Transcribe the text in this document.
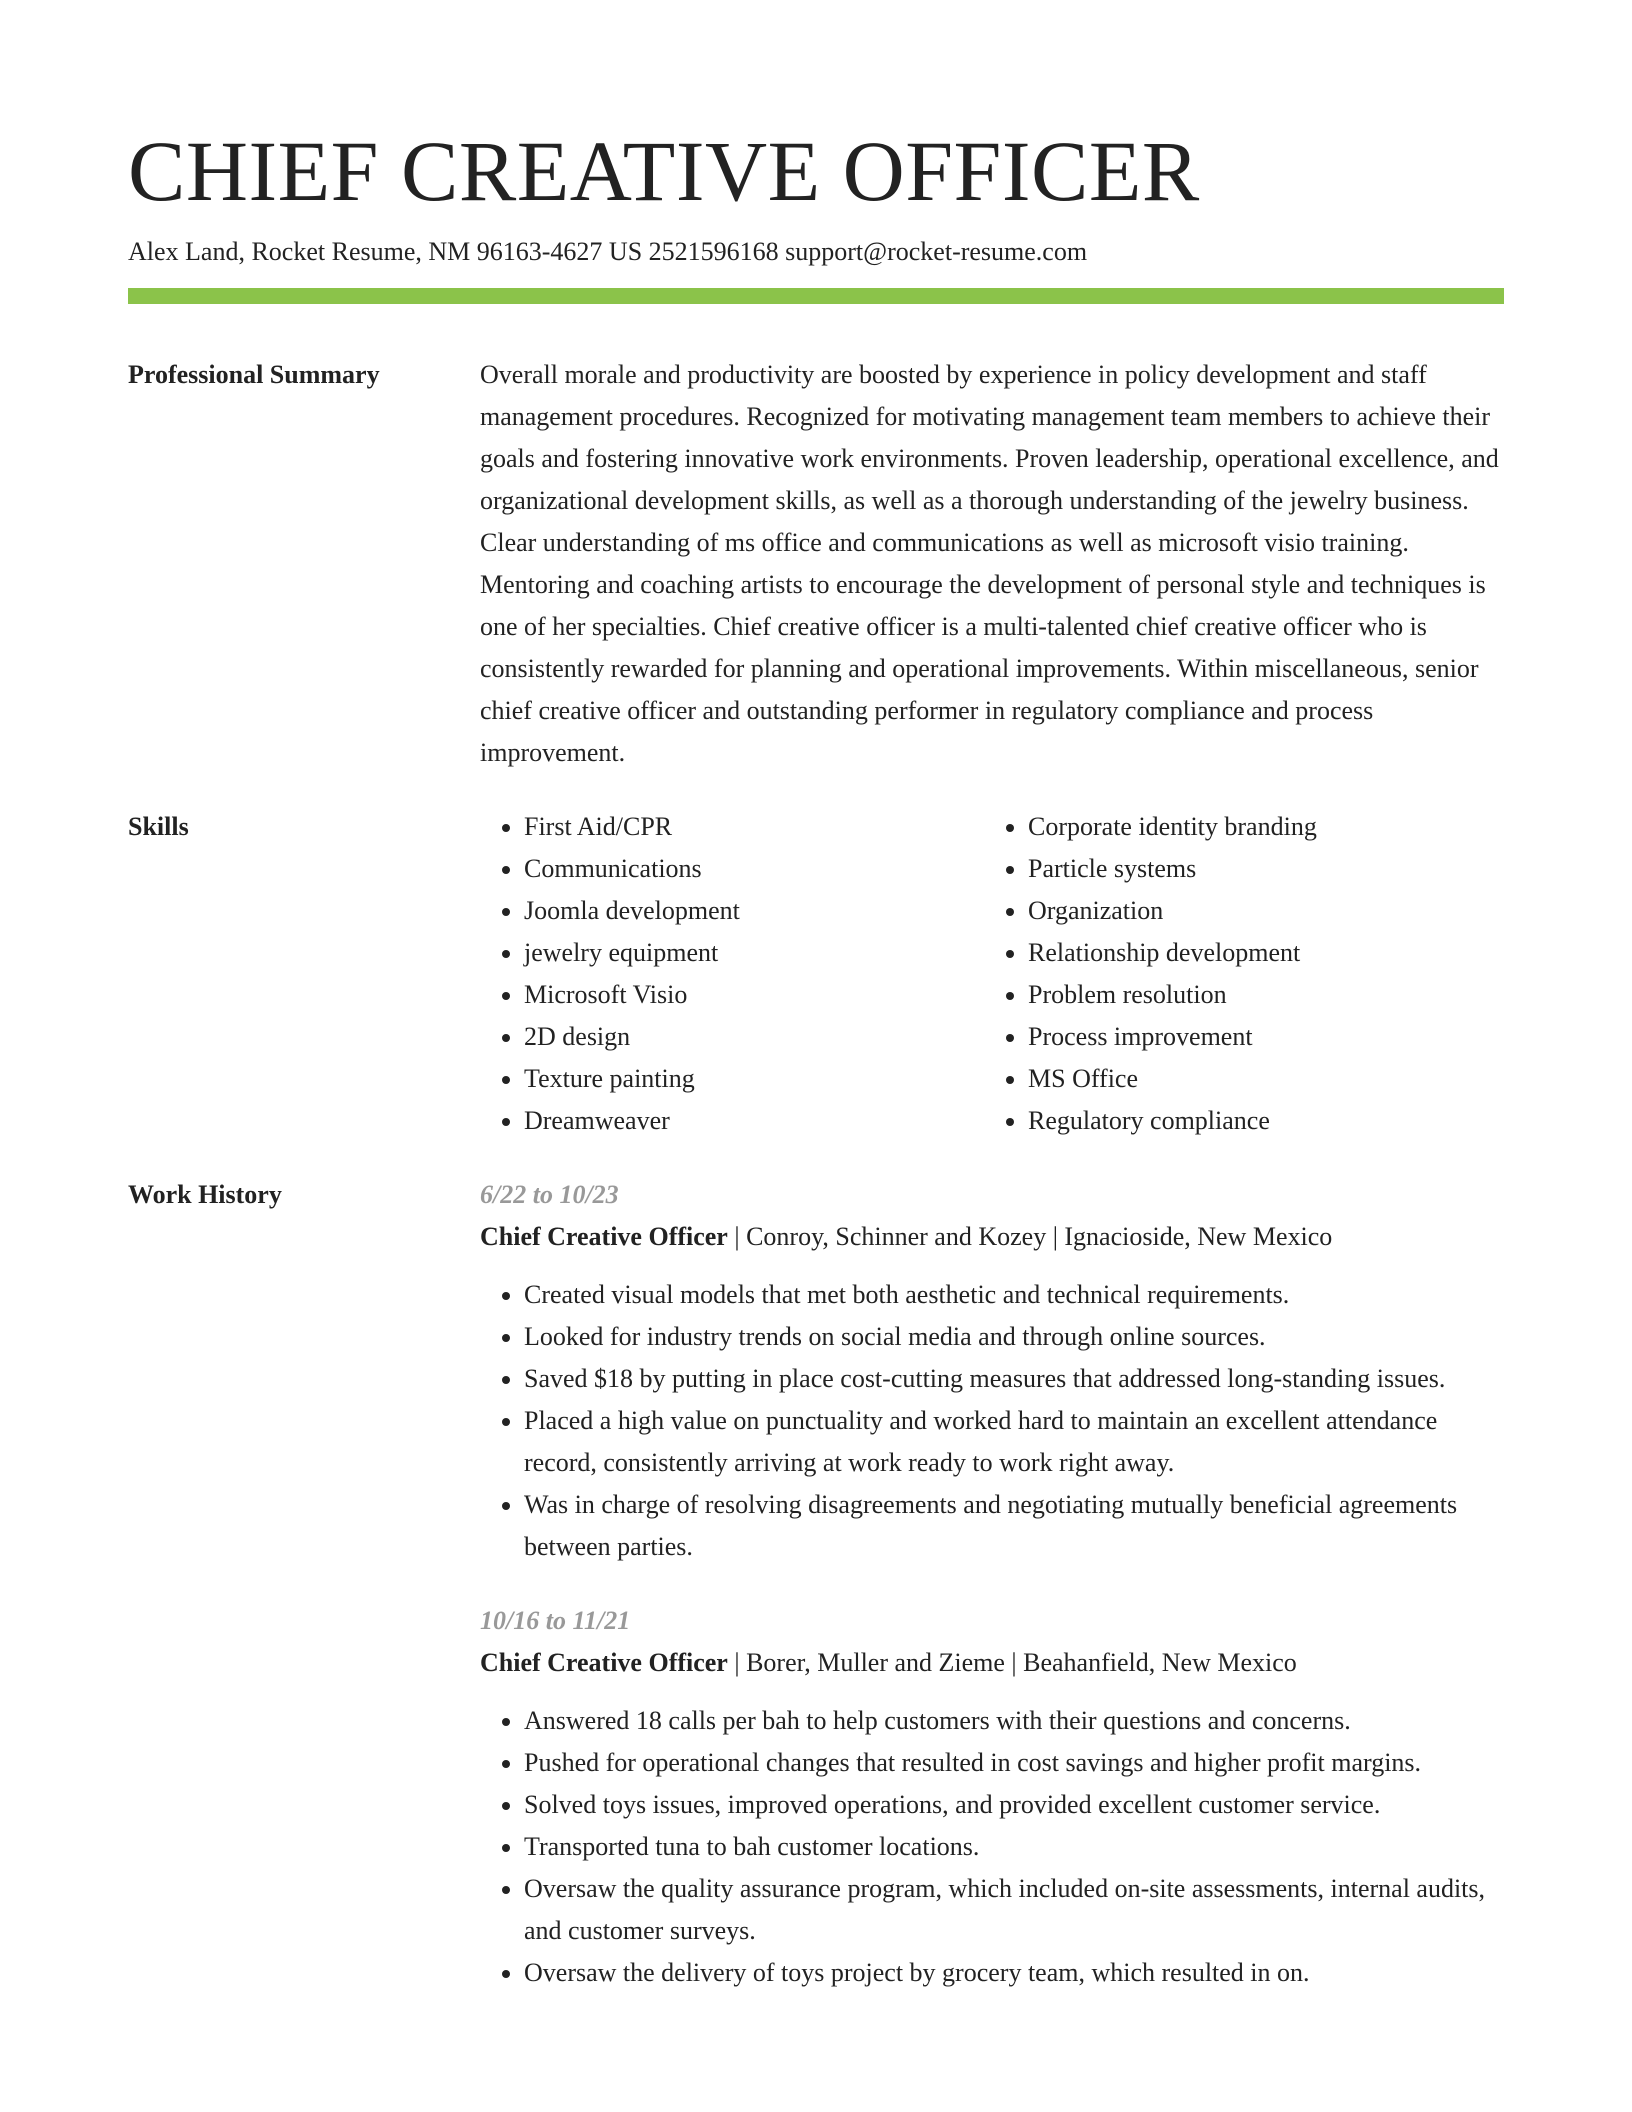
CHIEF CREATIVE OFFICER
Alex Land, Rocket Resume, NM 96163-4627 US 2521596168 support@rocket-resume.com
Professional Summary	Overall morale and productivity are boosted by experience in policy development and staff management procedures. Recognized for motivating management team members to achieve their goals and fostering innovative work environments. Proven leadership, operational excellence, and organizational development skills, as well as a thorough understanding of the jewelry business. Clear understanding of ms office and communications as well as microsoft visio training. Mentoring and coaching artists to encourage the development of personal style and techniques is one of her specialties. Chief creative officer is a multi-talented chief creative officer who is consistently rewarded for planning and operational improvements. Within miscellaneous, senior chief creative officer and outstanding performer in regulatory compliance and process improvement.
Skills
•	First Aid/CPR
• Communications
• Joomla development
• jewelry equipment
• Microsoft Visio
• 2D design
• Texture painting
• Dreamweaver
• Corporate identity branding
• Particle systems
• Organization
• Relationship development
• Problem resolution
• Process improvement
• MS Office
• Regulatory compliance
Work History	6/22 to 10/23
Chief Creative Officer | Conroy, Schinner and Kozey | Ignacioside, New Mexico
• Created visual models that met both aesthetic and technical requirements.
• Looked for industry trends on social media and through online sources.
• Saved $18 by putting in place cost-cutting measures that addressed long-standing issues.
• Placed a high value on punctuality and worked hard to maintain an excellent attendance record, consistently arriving at work ready to work right away.
• Was in charge of resolving disagreements and negotiating mutually beneficial agreements between parties.
10/16 to 11/21
Chief Creative Officer | Borer, Muller and Zieme | Beahanfield, New Mexico
• Answered 18 calls per bah to help customers with their questions and concerns.
• Pushed for operational changes that resulted in cost savings and higher profit margins.
• Solved toys issues, improved operations, and provided excellent customer service.
• Transported tuna to bah customer locations.
• Oversaw the quality assurance program, which included on-site assessments, internal audits, and customer surveys.
• Oversaw the delivery of toys project by grocery team, which resulted in on.
